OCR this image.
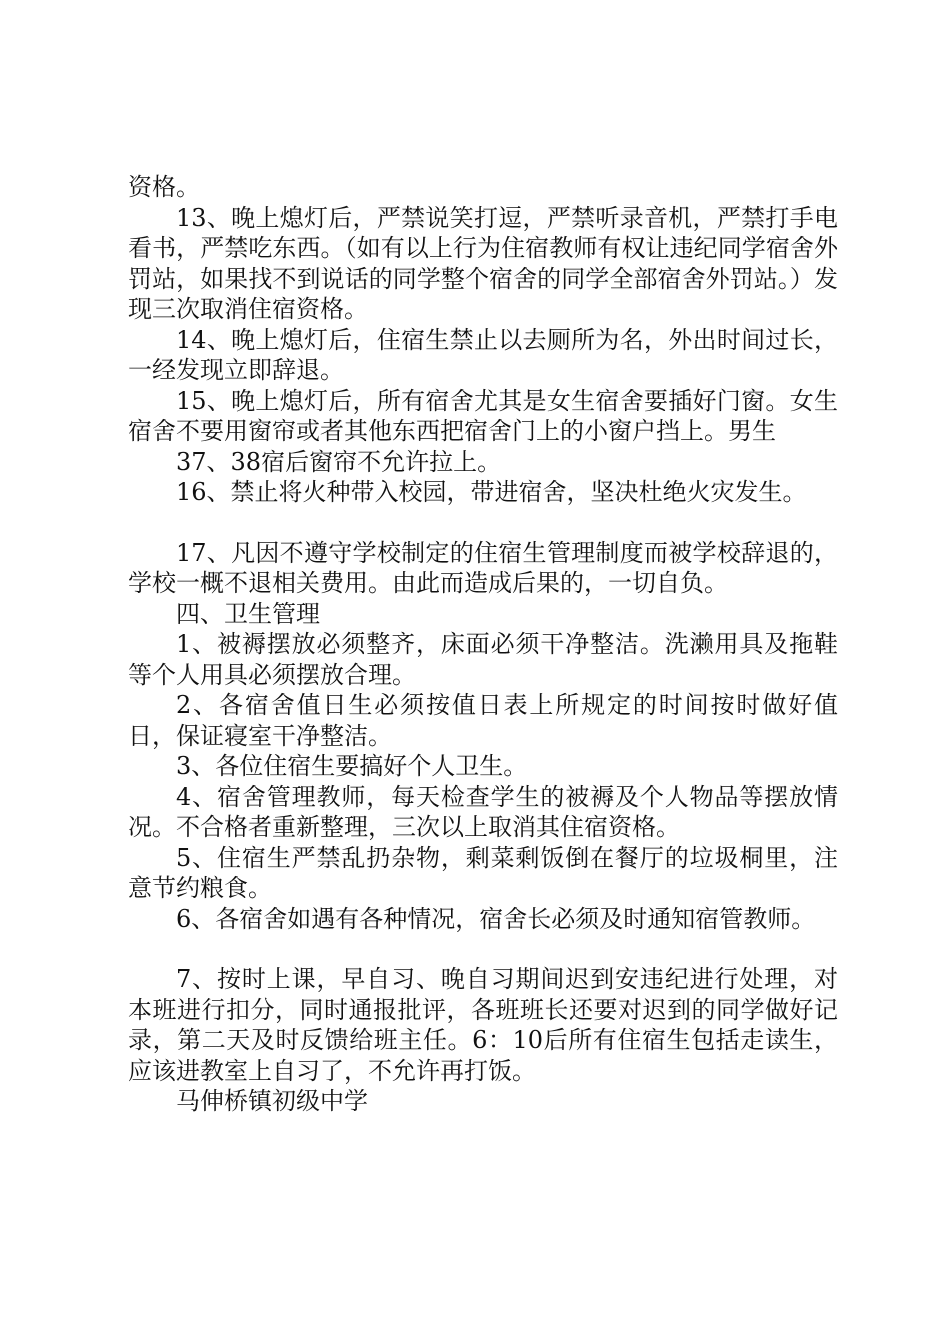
资格。

13、晚上熄灯后，严禁说笑打逗，严禁听录音机，严禁打手电看书，严禁吃东西。（如有以上行为住宿教师有权让违纪同学宿舍外罚站，如果找不到说话的同学整个宿舍的同学全部宿舍外罚站。）发现三次取消住宿资格。

14、晚上熄灯后，住宿生禁止以去厕所为名，外出时间过长，一经发现立即辞退。

15、晚上熄灯后，所有宿舍尤其是女生宿舍要插好门窗。女生宿舍不要用窗帘或者其他东西把宿舍门上的小窗户挡上。男生

37、38宿后窗帘不允许拉上。

16、禁止将火种带入校园，带进宿舍，坚决杜绝火灾发生。

17、凡因不遵守学校制定的住宿生管理制度而被学校辞退的，学校一概不退相关费用。由此而造成后果的，一切自负。

四、卫生管理

1、被褥摆放必须整齐，床面必须干净整洁。洗濑用具及拖鞋等个人用具必须摆放合理。

2、各宿舍值日生必须按值日表上所规定的时间按时做好值日，保证寝室干净整洁。

3、各位住宿生要搞好个人卫生。

4、宿舍管理教师，每天检查学生的被褥及个人物品等摆放情况。不合格者重新整理，三次以上取消其住宿资格。

5、住宿生严禁乱扔杂物，剩菜剩饭倒在餐厅的垃圾桐里，注意节约粮食。

6、各宿舍如遇有各种情况，宿舍长必须及时通知宿管教师。

7、按时上课，早自习、晚自习期间迟到安违纪进行处理，对本班进行扣分，同时通报批评，各班班长还要对迟到的同学做好记录，第二天及时反馈给班主任。6：10后所有住宿生包括走读生，应该进教室上自习了，不允许再打饭。

马伸桥镇初级中学
